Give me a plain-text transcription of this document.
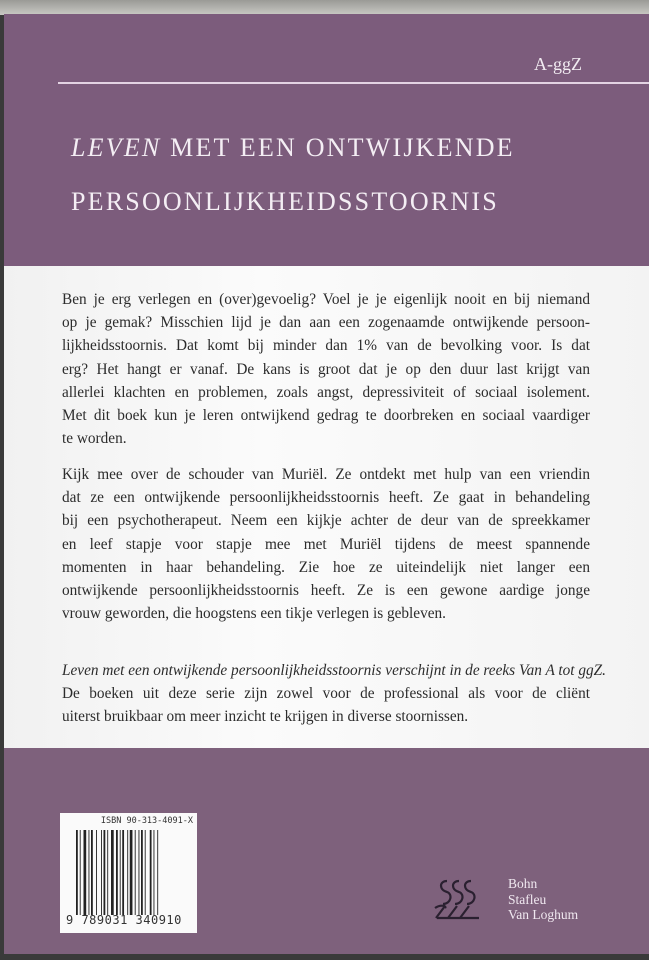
A-ggZ
LEVEN MET EEN ONTWIJKENDE
PERSOONLIJKHEIDSSTOORNIS
Ben je erg verlegen en (over)gevoelig? Voel je je eigenlijk nooit en bij niemand
op je gemak? Misschien lijd je dan aan een zogenaamde ontwijkende persoon-
lijkheidsstoornis. Dat komt bij minder dan 1% van de bevolking voor. Is dat
erg? Het hangt er vanaf. De kans is groot dat je op den duur last krijgt van
allerlei klachten en problemen, zoals angst, depressiviteit of sociaal isolement.
Met dit boek kun je leren ontwijkend gedrag te doorbreken en sociaal vaardiger
te worden.
Kijk mee over de schouder van Muriël. Ze ontdekt met hulp van een vriendin
dat ze een ontwijkende persoonlijkheidsstoornis heeft. Ze gaat in behandeling
bij een psychotherapeut. Neem een kijkje achter de deur van de spreekkamer
en leef stapje voor stapje mee met Muriël tijdens de meest spannende
momenten in haar behandeling. Zie hoe ze uiteindelijk niet langer een
ontwijkende persoonlijkheidsstoornis heeft. Ze is een gewone aardige jonge
vrouw geworden, die hoogstens een tikje verlegen is gebleven.
Leven met een ontwijkende persoonlijkheidsstoornis verschijnt in de reeks Van A tot ggZ.
De boeken uit deze serie zijn zowel voor de professional als voor de cliënt
uiterst bruikbaar om meer inzicht te krijgen in diverse stoornissen.
ISBN 90-313-4091-X
9 789031 340910
Bohn
Stafleu
Van Loghum
